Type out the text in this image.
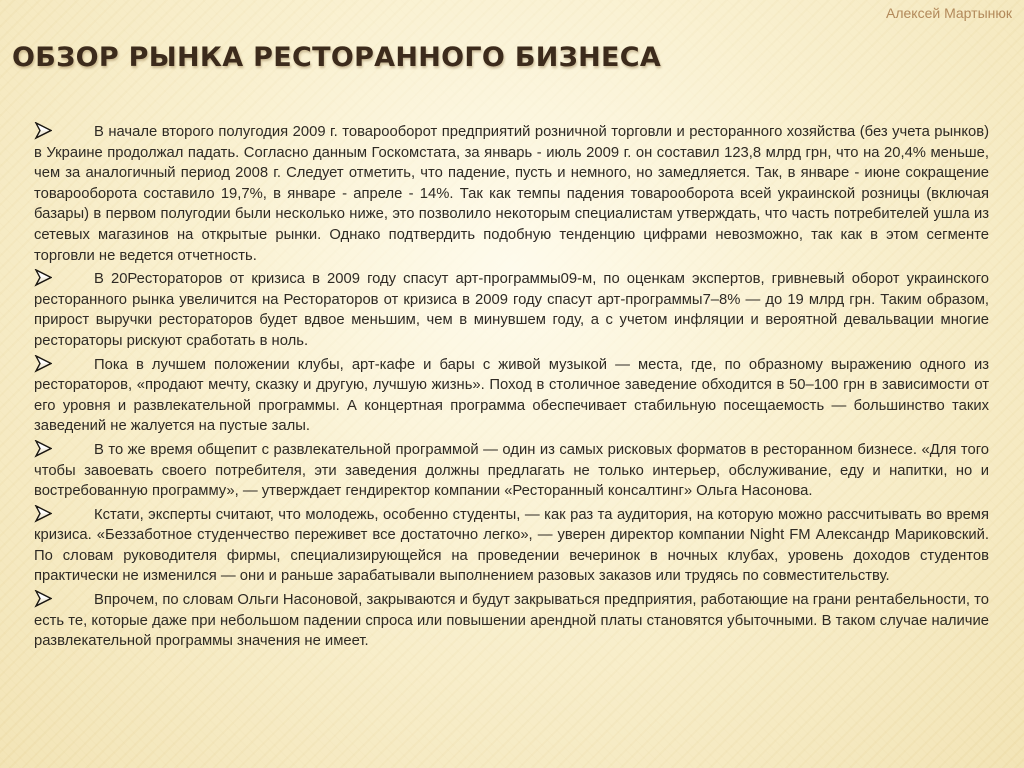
Алексей Мартынюк
ОБЗОР РЫНКА РЕСТОРАННОГО БИЗНЕСА
В начале второго полугодия 2009 г. товарооборот предприятий розничной торговли и ресторанного хозяйства (без учета рынков) в Украине продолжал падать. Согласно данным Госкомстата, за январь - июль 2009 г. он составил 123,8 млрд грн, что на 20,4% меньше, чем за аналогичный период 2008 г. Следует отметить, что падение, пусть и немного, но замедляется. Так, в январе - июне сокращение товарооборота составило 19,7%, в январе - апреле - 14%. Так как темпы падения товарооборота всей украинской розницы (включая базары) в первом полугодии были несколько ниже, это позволило некоторым специалистам утверждать, что часть потребителей ушла из сетевых магазинов на открытые рынки. Однако подтвердить подобную тенденцию цифрами невозможно, так как в этом сегменте торговли не ведется отчетность.
В 20Рестораторов от кризиса в 2009 году спасут арт-программы09-м, по оценкам экспертов, гривневый оборот украинского ресторанного рынка увеличится на Рестораторов от кризиса в 2009 году спасут арт-программы7–8% — до 19 млрд грн. Таким образом, прирост выручки рестораторов будет вдвое меньшим, чем в минувшем году, а с учетом инфляции и вероятной девальвации многие рестораторы рискуют сработать в ноль.
Пока в лучшем положении клубы, арт-кафе и бары с живой музыкой — места, где, по образному выражению одного из рестораторов, «продают мечту, сказку и другую, лучшую жизнь». Поход в столичное заведение обходится в 50–100 грн в зависимости от его уровня и развлекательной программы. А концертная программа обеспечивает стабильную посещаемость — большинство таких заведений не жалуется на пустые залы.
В то же время общепит с развлекательной программой — один из самых рисковых форматов в ресторанном бизнесе. «Для того чтобы завоевать своего потребителя, эти заведения должны предлагать не только интерьер, обслуживание, еду и напитки, но и востребованную программу», — утверждает гендиректор компании «Ресторанный консалтинг» Ольга Насонова.
Кстати, эксперты считают, что молодежь, особенно студенты, — как раз та аудитория, на которую можно рассчитывать во время кризиса. «Беззаботное студенчество переживет все достаточно легко», — уверен директор компании Night FM Александр Мариковский. По словам руководителя фирмы, специализирующейся на проведении вечеринок в ночных клубах, уровень доходов студентов практически не изменился — они и раньше зарабатывали выполнением разовых заказов или трудясь по совместительству.
Впрочем, по словам Ольги Насоновой, закрываются и будут закрываться предприятия, работающие на грани рентабельности, то есть те, которые даже при небольшом падении спроса или повышении арендной платы становятся убыточными. В таком случае наличие развлекательной программы значения не имеет.
